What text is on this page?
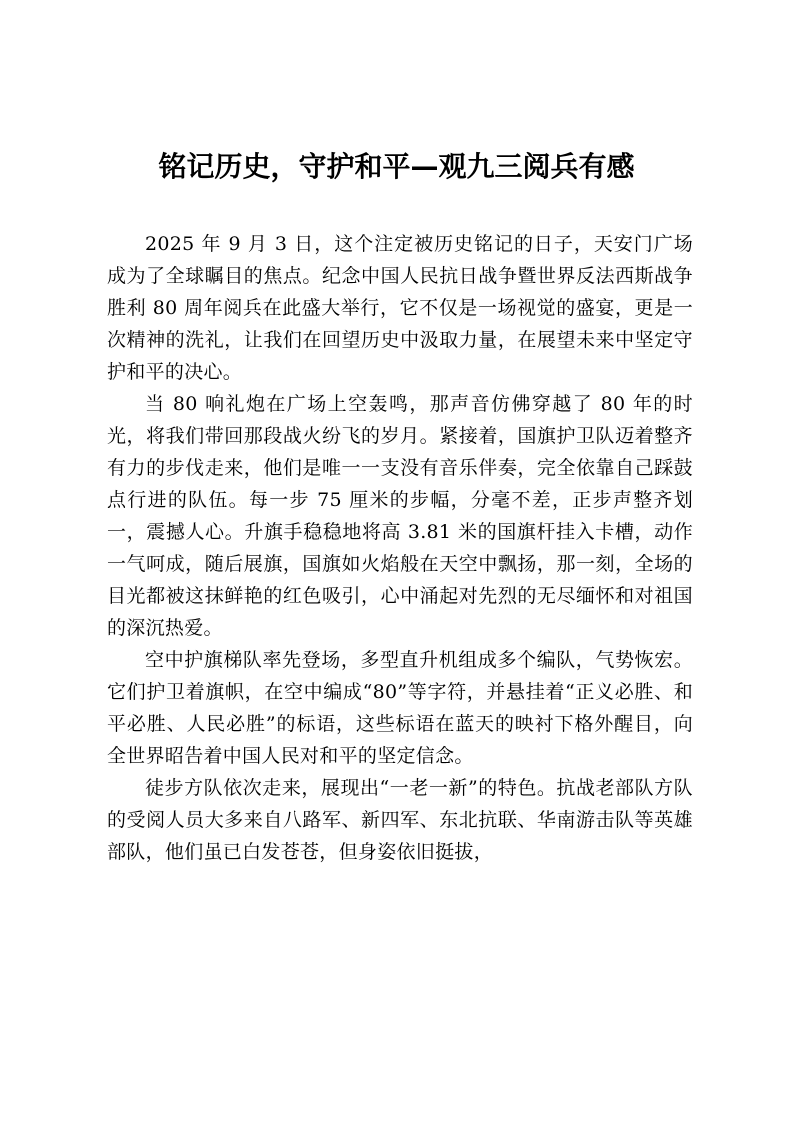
铭记历史，守护和平—观九三阅兵有感

2025 年 9 月 3 日，这个注定被历史铭记的日子，天安门广场成为了全球瞩目的焦点。纪念中国人民抗日战争暨世界反法西斯战争胜利 80 周年阅兵在此盛大举行，它不仅是一场视觉的盛宴，更是一次精神的洗礼，让我们在回望历史中汲取力量，在展望未来中坚定守护和平的决心。

当 80 响礼炮在广场上空轰鸣，那声音仿佛穿越了 80 年的时光，将我们带回那段战火纷飞的岁月。紧接着，国旗护卫队迈着整齐有力的步伐走来，他们是唯一一支没有音乐伴奏，完全依靠自己踩鼓点行进的队伍。每一步 75 厘米的步幅，分毫不差，正步声整齐划一，震撼人心。升旗手稳稳地将高 3.81 米的国旗杆挂入卡槽，动作一气呵成，随后展旗，国旗如火焰般在天空中飘扬，那一刻，全场的目光都被这抹鲜艳的红色吸引，心中涌起对先烈的无尽缅怀和对祖国的深沉热爱。

空中护旗梯队率先登场，多型直升机组成多个编队，气势恢宏。它们护卫着旗帜，在空中编成“80”等字符，并悬挂着“正义必胜、和平必胜、人民必胜”的标语，这些标语在蓝天的映衬下格外醒目，向全世界昭告着中国人民对和平的坚定信念。

徒步方队依次走来，展现出“一老一新”的特色。抗战老部队方队的受阅人员大多来自八路军、新四军、东北抗联、华南游击队等英雄部队，他们虽已白发苍苍，但身姿依旧挺拔，
